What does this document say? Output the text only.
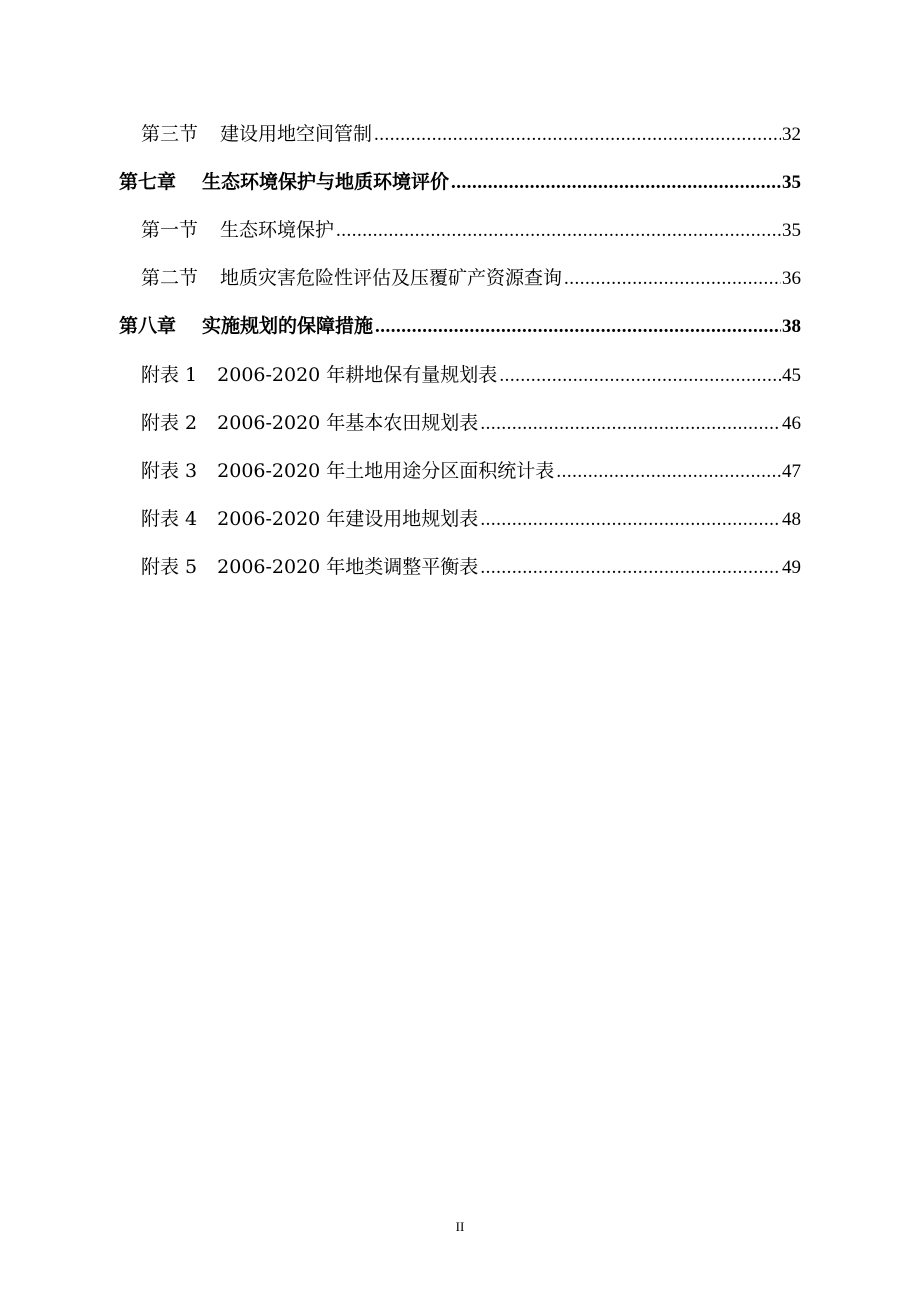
第三节 建设用地空间管制 .....	32
第七章 生态环境保护与地质环境评价 .....	35
第一节 生态环境保护 .....	35
第二节 地质灾害危险性评估及压覆矿产资源查询 .....	36
第八章 实施规划的保障措施 .....	38
附表 1 2006-2020 年耕地保有量规划表 .....	45
附表 2 2006-2020 年基本农田规划表 .....	46
附表 3 2006-2020 年土地用途分区面积统计表 .....	47
附表 4 2006-2020 年建设用地规划表 .....	48
附表 5 2006-2020 年地类调整平衡表 .....	49
II
